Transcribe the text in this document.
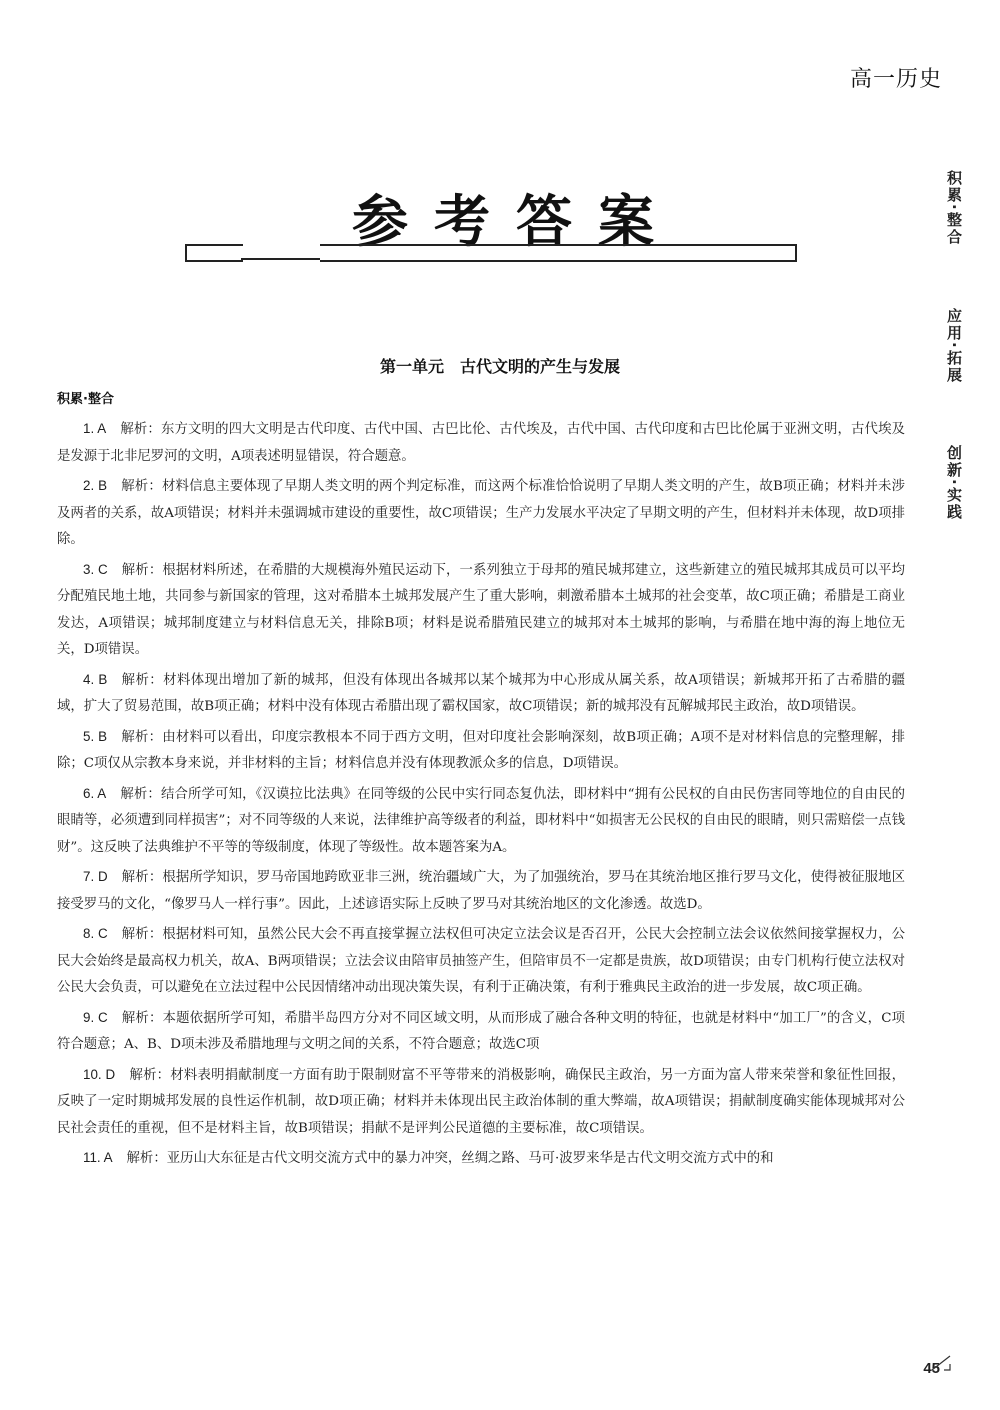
高一历史
积累·整合
应用·拓展
创新·实践
参考答案
第一单元　古代文明的产生与发展
积累·整合

1. A 解析：东方文明的四大文明是古代印度、古代中国、古巴比伦、古代埃及，古代中国、古代印度和古巴比伦属于亚洲文明，古代埃及是发源于北非尼罗河的文明，A项表述明显错误，符合题意。

2. B 解析：材料信息主要体现了早期人类文明的两个判定标准，而这两个标准恰恰说明了早期人类文明的产生，故B项正确；材料并未涉及两者的关系，故A项错误；材料并未强调城市建设的重要性，故C项错误；生产力发展水平决定了早期文明的产生，但材料并未体现，故D项排除。

3. C 解析：根据材料所述，在希腊的大规模海外殖民运动下，一系列独立于母邦的殖民城邦建立，这些新建立的殖民城邦其成员可以平均分配殖民地土地，共同参与新国家的管理，这对希腊本土城邦发展产生了重大影响，刺激希腊本土城邦的社会变革，故C项正确；希腊是工商业发达，A项错误；城邦制度建立与材料信息无关，排除B项；材料是说希腊殖民建立的城邦对本土城邦的影响，与希腊在地中海的海上地位无关，D项错误。

4. B 解析：材料体现出增加了新的城邦，但没有体现出各城邦以某个城邦为中心形成从属关系，故A项错误；新城邦开拓了古希腊的疆域，扩大了贸易范围，故B项正确；材料中没有体现古希腊出现了霸权国家，故C项错误；新的城邦没有瓦解城邦民主政治，故D项错误。

5. B 解析：由材料可以看出，印度宗教根本不同于西方文明，但对印度社会影响深刻，故B项正确；A项不是对材料信息的完整理解，排除；C项仅从宗教本身来说，并非材料的主旨；材料信息并没有体现教派众多的信息，D项错误。

6. A 解析：结合所学可知，《汉谟拉比法典》在同等级的公民中实行同态复仇法，即材料中“拥有公民权的自由民伤害同等地位的自由民的眼睛等，必须遭到同样损害”；对不同等级的人来说，法律维护高等级者的利益，即材料中“如损害无公民权的自由民的眼睛，则只需赔偿一点钱财”。这反映了法典维护不平等的等级制度，体现了等级性。故本题答案为A。

7. D 解析：根据所学知识，罗马帝国地跨欧亚非三洲，统治疆域广大，为了加强统治，罗马在其统治地区推行罗马文化，使得被征服地区接受罗马的文化，“像罗马人一样行事”。因此，上述谚语实际上反映了罗马对其统治地区的文化渗透。故选D。

8. C 解析：根据材料可知，虽然公民大会不再直接掌握立法权但可决定立法会议是否召开，公民大会控制立法会议依然间接掌握权力，公民大会始终是最高权力机关，故A、B两项错误；立法会议由陪审员抽签产生，但陪审员不一定都是贵族，故D项错误；由专门机构行使立法权对公民大会负责，可以避免在立法过程中公民因情绪冲动出现决策失误，有利于正确决策，有利于雅典民主政治的进一步发展，故C项正确。

9. C 解析：本题依据所学可知，希腊半岛四方分对不同区域文明，从而形成了融合各种文明的特征，也就是材料中“加工厂”的含义，C项符合题意；A、B、D项未涉及希腊地理与文明之间的关系，不符合题意；故选C项

10. D 解析：材料表明捐献制度一方面有助于限制财富不平等带来的消极影响，确保民主政治，另一方面为富人带来荣誉和象征性回报，反映了一定时期城邦发展的良性运作机制，故D项正确；材料并未体现出民主政治体制的重大弊端，故A项错误；捐献制度确实能体现城邦对公民社会责任的重视，但不是材料主旨，故B项错误；捐献不是评判公民道德的主要标准，故C项错误。

11. A 解析：亚历山大东征是古代文明交流方式中的暴力冲突，丝绸之路、马可·波罗来华是古代文明交流方式中的和

45
